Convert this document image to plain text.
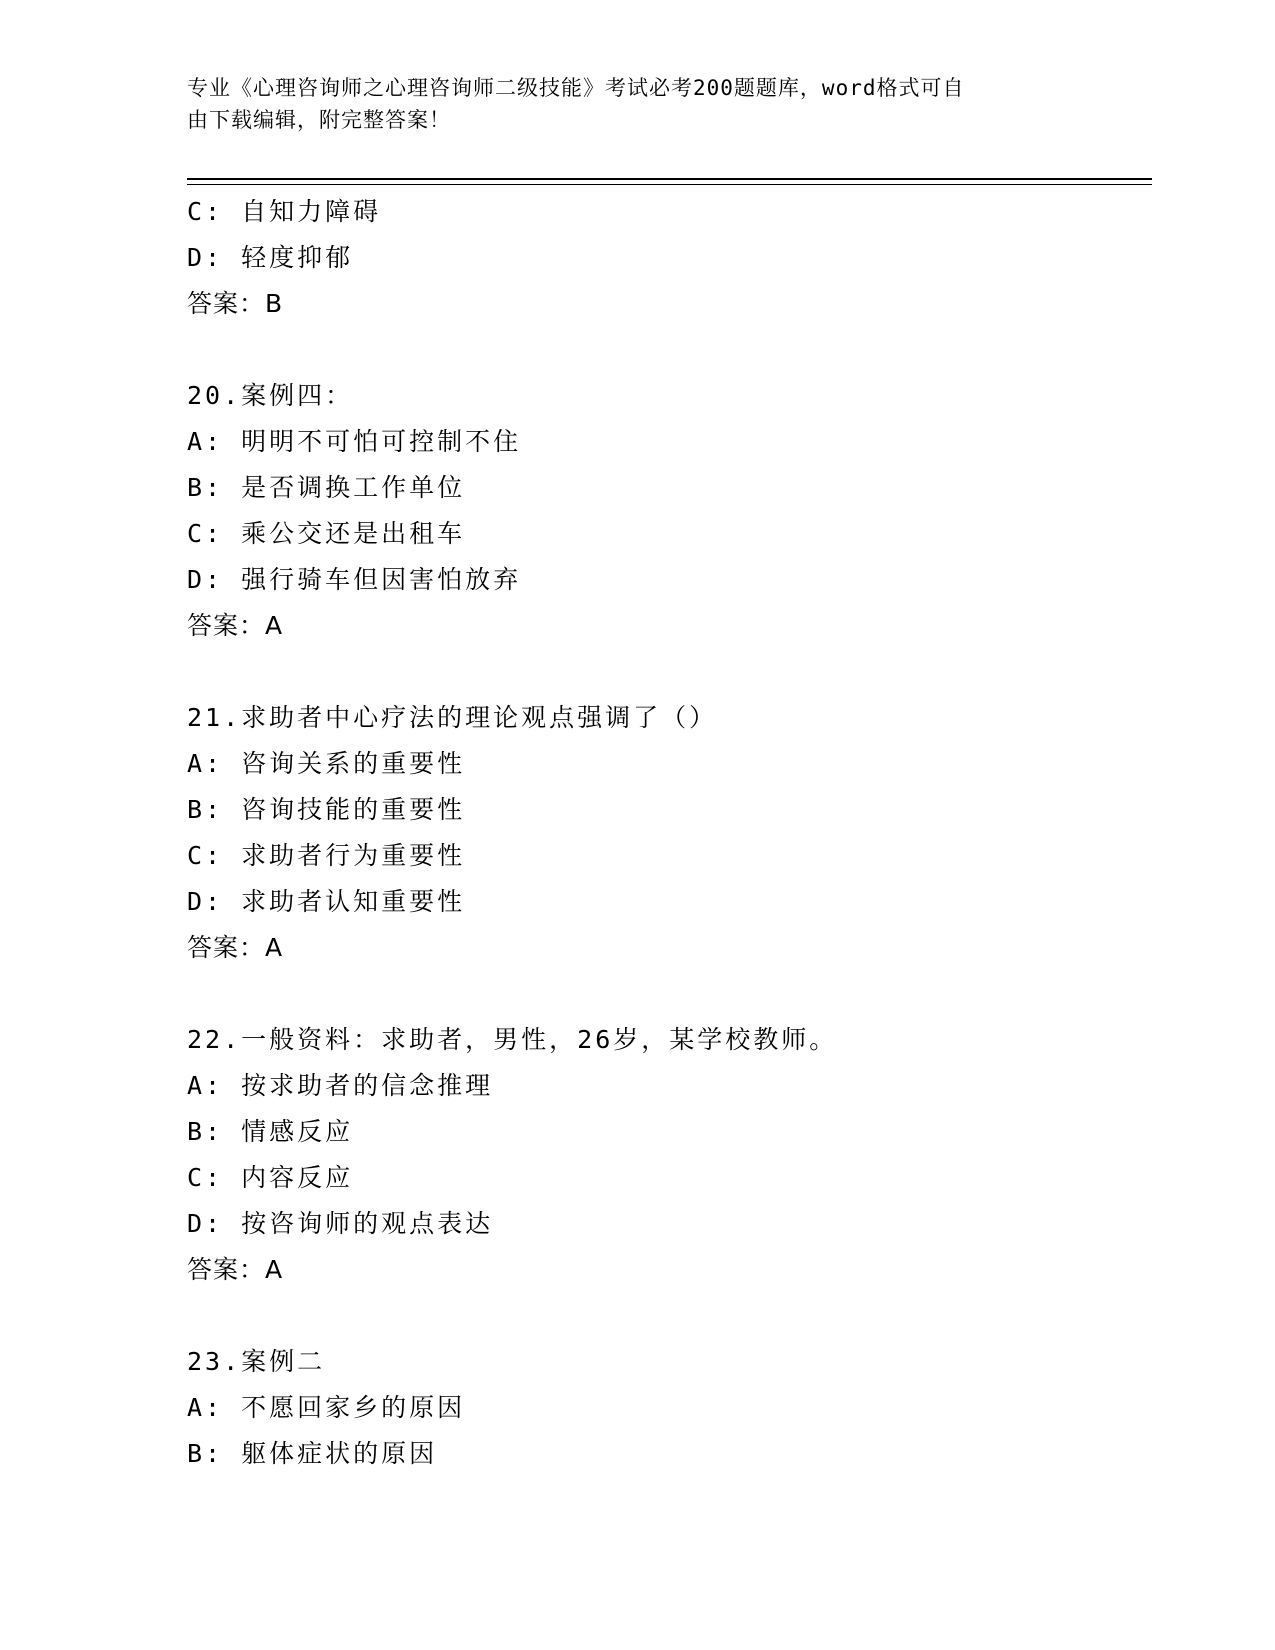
专业《心理咨询师之心理咨询师二级技能》考试必考200题题库，word格式可自
由下载编辑，附完整答案！
C: 自知力障碍
D: 轻度抑郁
答案：B
20.案例四：
A: 明明不可怕可控制不住
B: 是否调换工作单位
C: 乘公交还是出租车
D: 强行骑车但因害怕放弃
答案：A
21.求助者中心疗法的理论观点强调了（）
A: 咨询关系的重要性
B: 咨询技能的重要性
C: 求助者行为重要性
D: 求助者认知重要性
答案：A
22.一般资料：求助者，男性，26岁，某学校教师。
A: 按求助者的信念推理
B: 情感反应
C: 内容反应
D: 按咨询师的观点表达
答案：A
23.案例二
A: 不愿回家乡的原因
B: 躯体症状的原因
